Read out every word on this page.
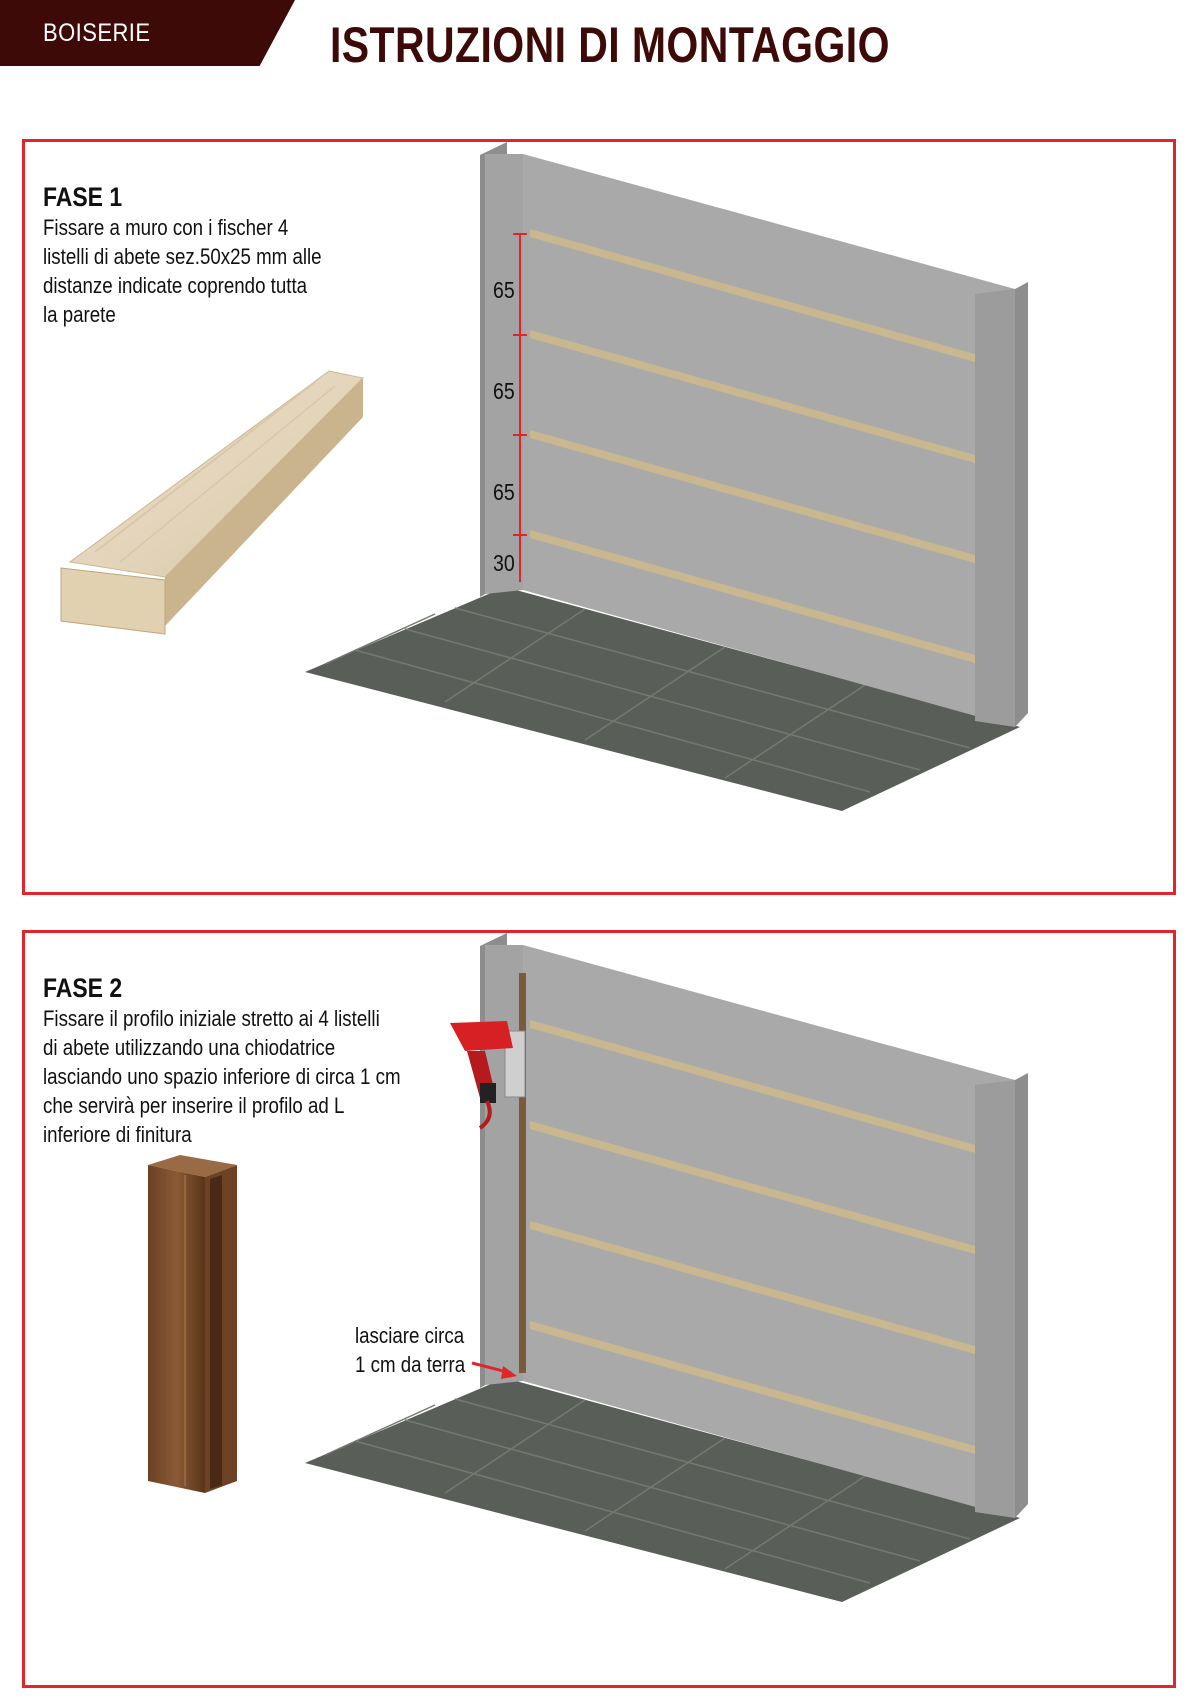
BOISERIE	ISTRUZIONI DI MONTAGGIO
FASE 1
Fissare a muro con i fischer 4
listelli di abete sez.50x25 mm alle
distanze indicate coprendo tutta
la parete
65
65
65
30
FASE 2
Fissare il profilo iniziale stretto ai 4 listelli
di abete utilizzando una chiodatrice
lasciando uno spazio inferiore di circa 1 cm
che servirà per inserire il profilo ad L
inferiore di finitura
lasciare circa
1 cm da terra
